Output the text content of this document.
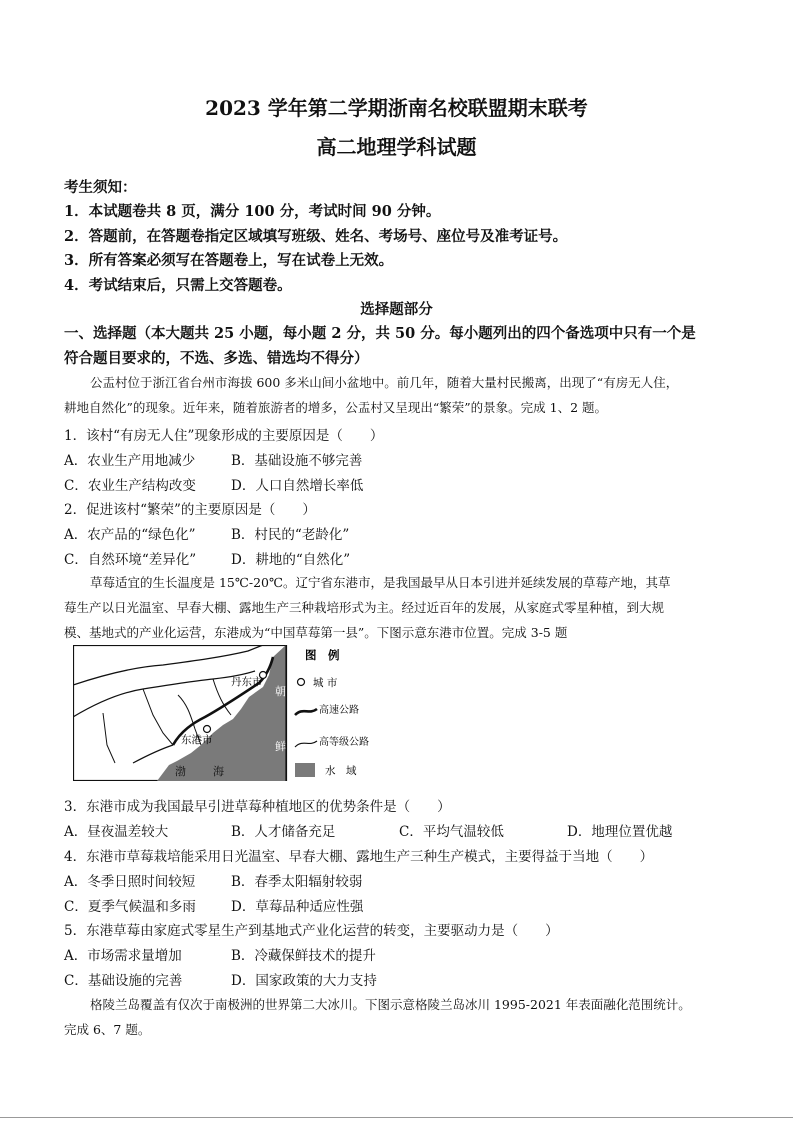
2023 学年第二学期浙南名校联盟期末联考
高二地理学科试题
考生须知：
1．本试题卷共 8 页，满分 100 分，考试时间 90 分钟。
2．答题前，在答题卷指定区域填写班级、姓名、考场号、座位号及准考证号。
3．所有答案必须写在答题卷上，写在试卷上无效。
4．考试结束后，只需上交答题卷。
选择题部分
一、选择题（本大题共 25 小题，每小题 2 分，共 50 分。每小题列出的四个备选项中只有一个是
符合题目要求的，不选、多选、错选均不得分）
公盂村位于浙江省台州市海拔 600 多米山间小盆地中。前几年，随着大量村民搬离，出现了“有房无人住，
耕地自然化”的现象。近年来，随着旅游者的增多，公盂村又呈现出“繁荣”的景象。完成 1、2 题。
1．该村“有房无人住”现象形成的主要原因是（　　）
A．农业生产用地减少	B．基础设施不够完善
C．农业生产结构改变	D．人口自然增长率低
2．促进该村“繁荣”的主要原因是（　　）
A．农产品的“绿色化”	B．村民的“老龄化”
C．自然环境“差异化”	D．耕地的“自然化”
草莓适宜的生长温度是 15℃-20℃。辽宁省东港市，是我国最早从日本引进并延续发展的草莓产地，其草
莓生产以日光温室、早春大棚、露地生产三种栽培形式为主。经过近百年的发展，从家庭式零星种植，到大规
模、基地式的产业化运营，东港成为“中国草莓第一县”。下图示意东港市位置。完成 3-5 题
丹东市
东港市
渤 海
朝
鲜
图　例
城 市
高速公路
高等级公路
水　域
3．东港市成为我国最早引进草莓种植地区的优势条件是（　　）
A．昼夜温差较大	B．人才储备充足	C．平均气温较低	D．地理位置优越
4．东港市草莓栽培能采用日光温室、早春大棚、露地生产三种生产模式，主要得益于当地（　　）
A．冬季日照时间较短	B．春季太阳辐射较弱
C．夏季气候温和多雨	D．草莓品种适应性强
5．东港草莓由家庭式零星生产到基地式产业化运营的转变，主要驱动力是（　　）
A．市场需求量增加	B．冷藏保鲜技术的提升
C．基础设施的完善	D．国家政策的大力支持
格陵兰岛覆盖有仅次于南极洲的世界第二大冰川。下图示意格陵兰岛冰川 1995-2021 年表面融化范围统计。
完成 6、7 题。
